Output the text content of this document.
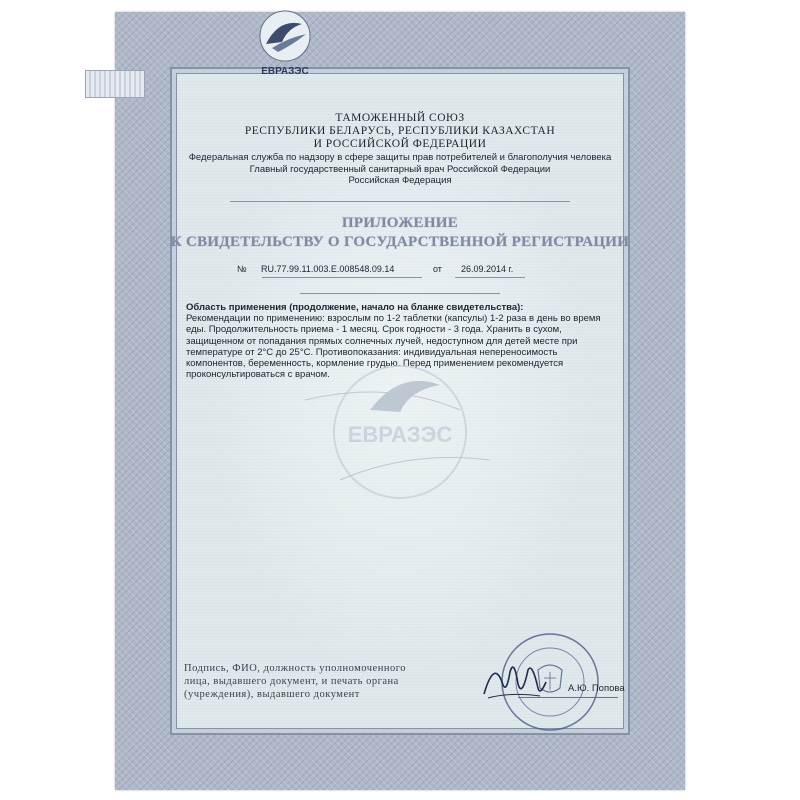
ЕВРАЗЭС
ТАМОЖЕННЫЙ СОЮЗ
РЕСПУБЛИКИ БЕЛАРУСЬ, РЕСПУБЛИКИ КАЗАХСТАН
И РОССИЙСКОЙ ФЕДЕРАЦИИ
Федеральная служба по надзору в сфере защиты прав потребителей и благополучия человека
Главный государственный санитарный врач Российской Федерации
Российская Федерация
ПРИЛОЖЕНИЕ
К СВИДЕТЕЛЬСТВУ О ГОСУДАРСТВЕННОЙ РЕГИСТРАЦИИ
№ RU.77.99.11.003.E.008548.09.14	от 26.09.2014 г.
Область применения (продолжение, начало на бланке свидетельства):
Рекомендации по применению: взрослым по 1-2 таблетки (капсулы) 1-2 раза в день во время еды. Продолжительность приема - 1 месяц. Срок годности - 3 года. Хранить в сухом, защищенном от попадания прямых солнечных лучей, недоступном для детей месте при температуре от 2°С до 25°С. Противопоказания: индивидуальная непереносимость компонентов, беременность, кормление грудью. Перед применением рекомендуется проконсультироваться с врачом.
ЕВРАЗЭС
Подпись, ФИО, должность уполномоченного
лица, выдавшего документ, и печать органа
(учреждения), выдавшего документ
А.Ю. Попова
